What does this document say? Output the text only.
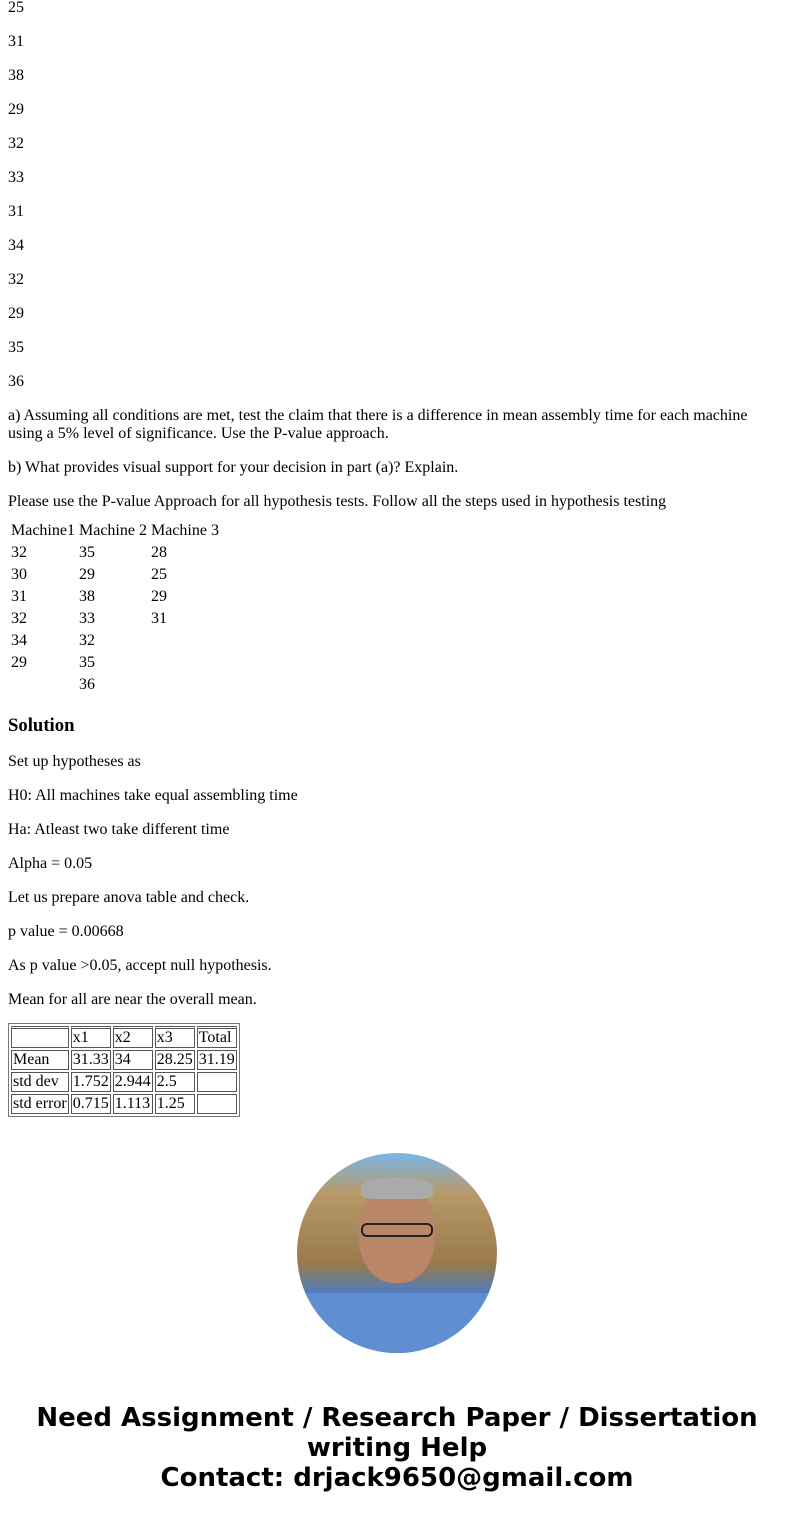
25

31

38

29

32

33

31

34

32

29

35

36

a) Assuming all conditions are met, test the claim that there is a difference in mean assembly time for each machine using a 5% level of significance. Use the P-value approach.

b) What provides visual support for your decision in part (a)? Explain.

Please use the P-value Approach for all hypothesis tests. Follow all the steps used in hypothesis testing

Machine1	Machine 2	Machine 3
32	35	28
30	29	25
31	38	29
32	33	31
34	32	
29	35	
	36	
Solution

Set up hypotheses as

H0: All machines take equal assembling time

Ha: Atleast two take different time

Alpha = 0.05

Let us prepare anova table and check.

p value = 0.00668

As p value >0.05, accept null hypothesis.

Mean for all are near the overall mean.

	x1	x2	x3	Total
Mean	31.33	34	28.25	31.19
std dev	1.752	2.944	2.5	
std error	0.715	1.113	1.25	
Need Assignment / Research Paper / Dissertation writing Help
Contact: drjack9650@gmail.com
